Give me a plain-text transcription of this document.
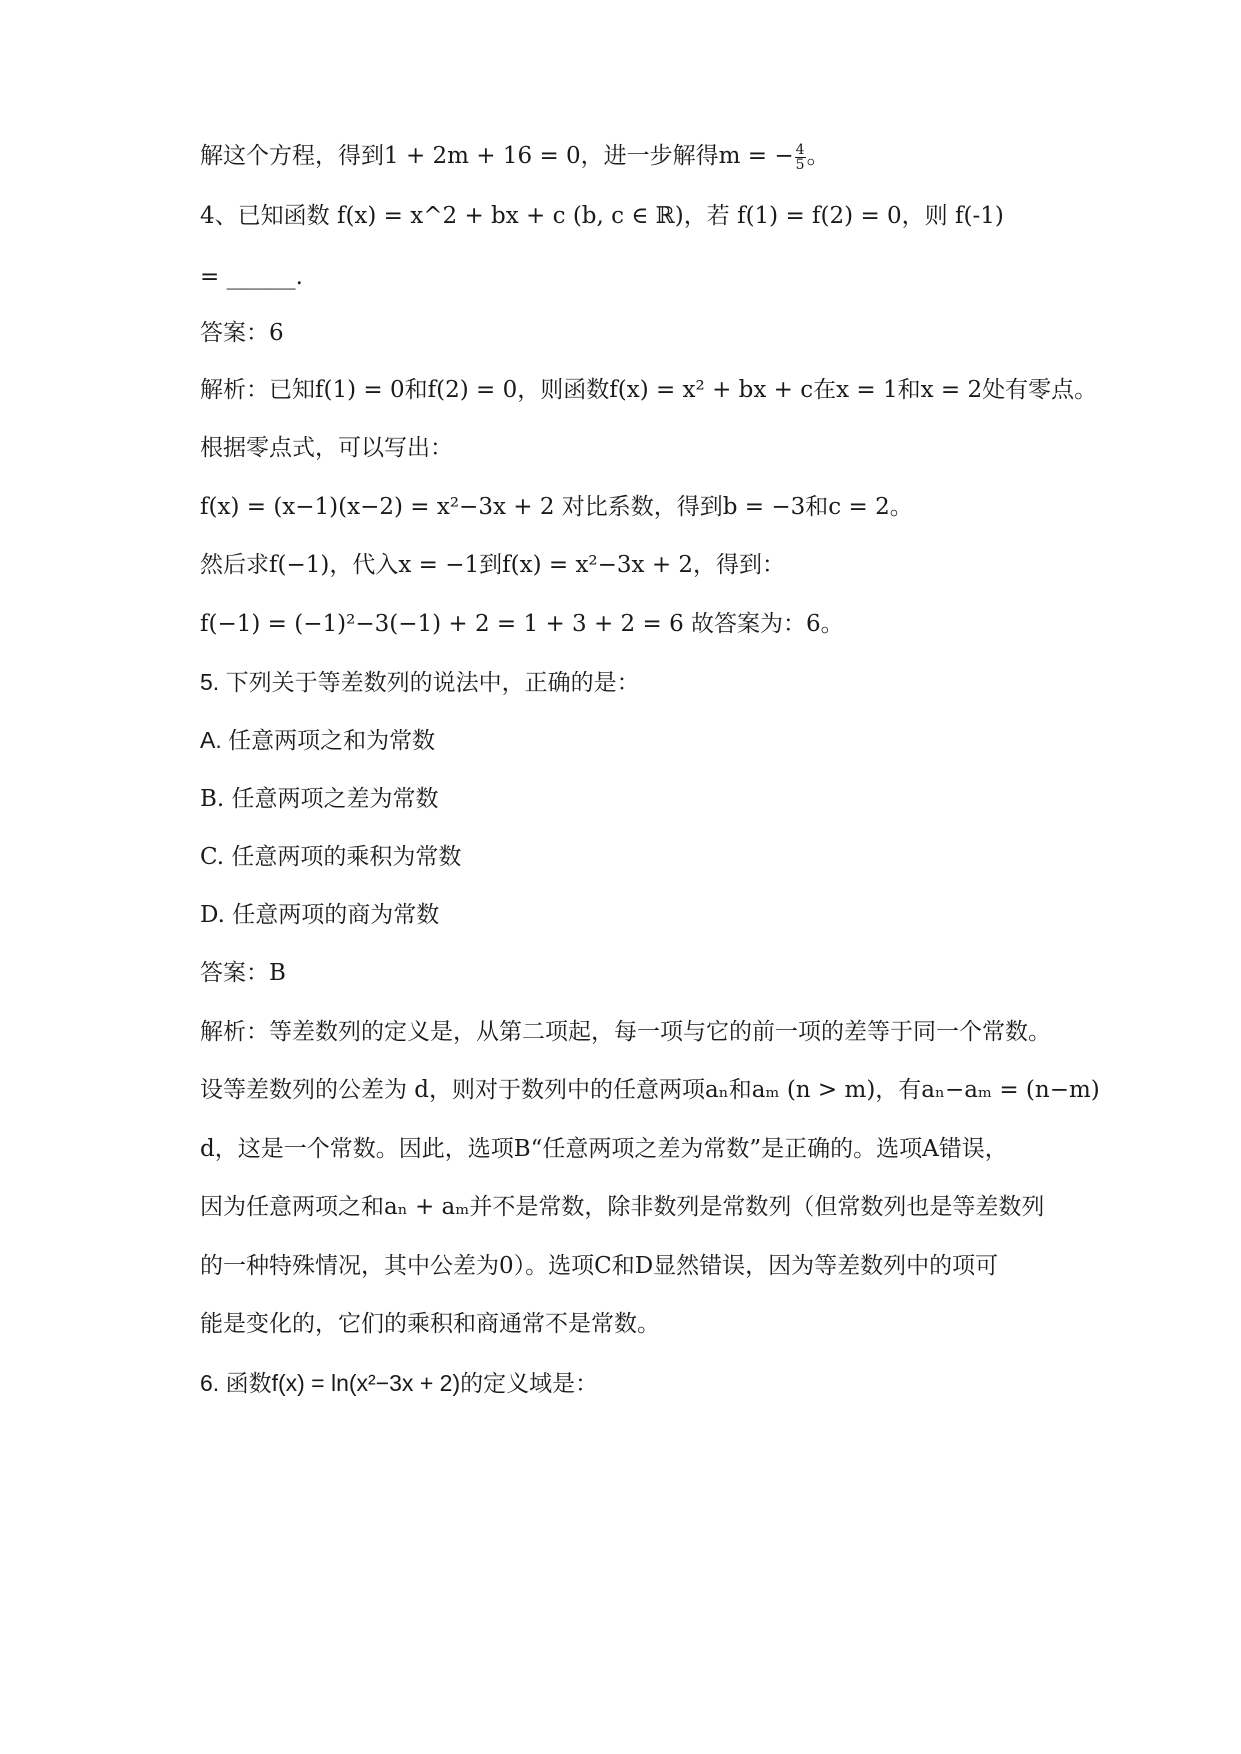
解这个方程，得到1 + 2m + 16 = 0，进一步解得m = − $\frac{4}{5}$ 。
4、已知函数 f(x) = x^2 + bx + c (b, c ∈ ℝ)，若 f(1) = f(2) = 0，则 f(-1)
= ______.
答案：6
解析：已知f(1) = 0和f(2) = 0，则函数f(x) = x² + bx + c在x = 1和x = 2处有零点。
根据零点式，可以写出：
f(x) = (x−1)(x−2) = x²−3x + 2 对比系数，得到b = −3和c = 2。
然后求f(−1)，代入x = −1到f(x) = x²−3x + 2，得到：
f(−1) = (−1)²−3(−1) + 2 = 1 + 3 + 2 = 6 故答案为：6。
5. 下列关于等差数列的说法中，正确的是：
A. 任意两项之和为常数
B. 任意两项之差为常数
C. 任意两项的乘积为常数
D. 任意两项的商为常数
答案：B
解析：等差数列的定义是，从第二项起，每一项与它的前一项的差等于同一个常数。
设等差数列的公差为 d，则对于数列中的任意两项aₙ和aₘ (n > m)，有aₙ−aₘ = (n−m)
d，这是一个常数。因此，选项B“任意两项之差为常数”是正确的。选项A错误，
因为任意两项之和aₙ + aₘ并不是常数，除非数列是常数列（但常数列也是等差数列
的一种特殊情况，其中公差为0）。选项C和D显然错误，因为等差数列中的项可
能是变化的，它们的乘积和商通常不是常数。
6. 函数f(x) = ln(x²−3x + 2)的定义域是：
